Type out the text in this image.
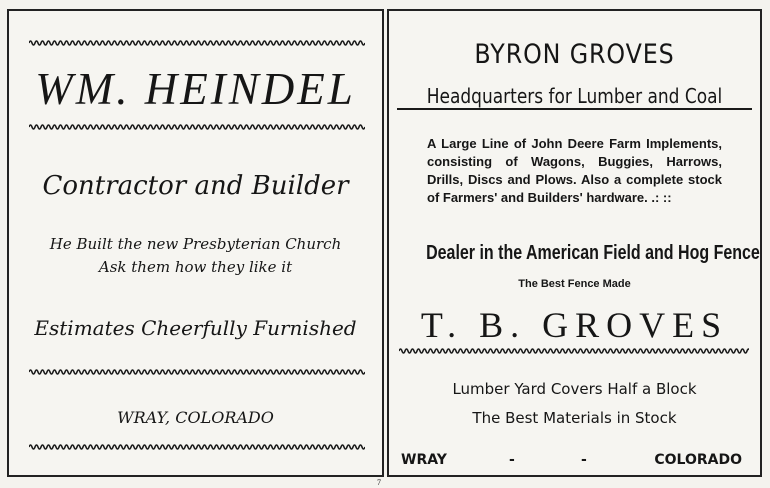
WM. HEINDEL
Contractor and Builder
He Built the new Presbyterian Church
Ask them how they like it
Estimates Cheerfully Furnished
WRAY, COLORADO
BYRON GROVES
Headquarters for Lumber and Coal
A Large Line of John Deere Farm Implements, consisting of Wagons, Buggies, Harrows, Drills, Discs and Plows. Also a complete stock of Farmers' and Builders' hardware. .: ::
Dealer in the American Field and Hog Fence
The Best Fence Made
T. B. GROVES
Lumber Yard Covers Half a Block
The Best Materials in Stock
WRAY	-	-	COLORADO
7
